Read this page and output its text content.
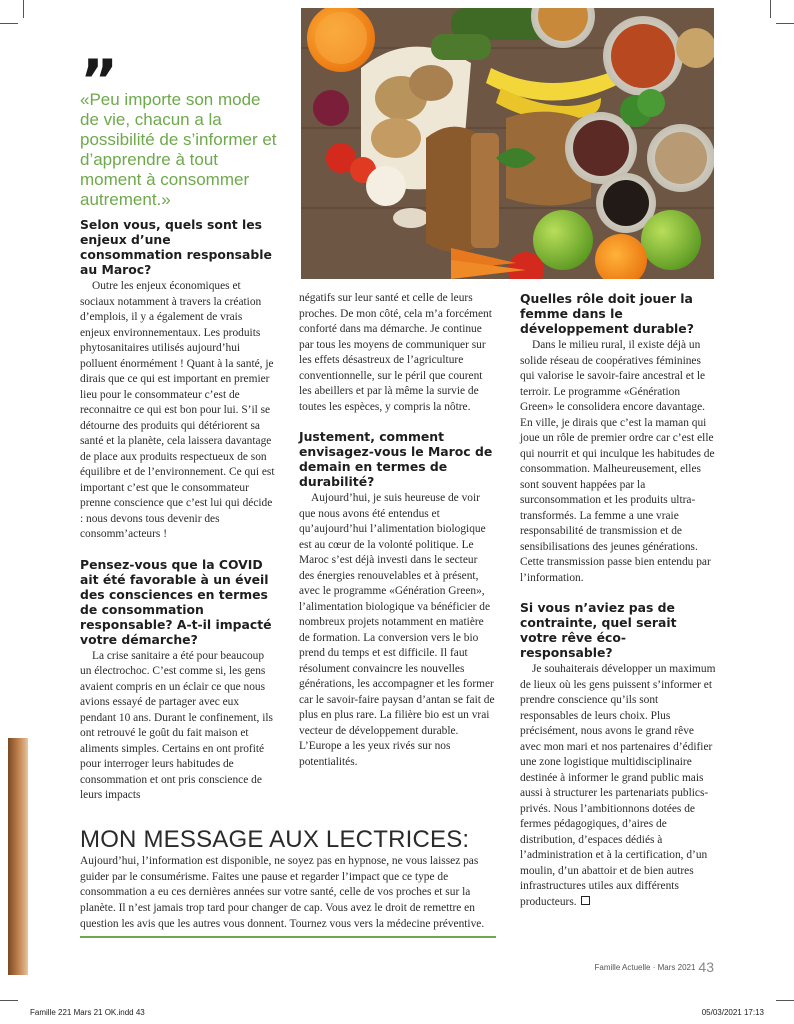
”

«Peu importe son mode de vie, chacun a la possibilité de s’informer et d’apprendre à tout moment à consommer autrement.»

Selon vous, quels sont les enjeux d’une consommation responsable au Maroc?

Outre les enjeux économiques et sociaux notamment à travers la création d’emplois, il y a également de vrais enjeux environnementaux. Les produits phytosanitaires utilisés aujourd’hui polluent énormément ! Quant à la santé, je dirais que ce qui est important en premier lieu pour le consommateur c’est de reconnaitre ce qui est bon pour lui. S’il se détourne des produits qui détériorent sa santé et la planète, cela laissera davantage de place aux produits respectueux de son équilibre et de l’environnement. Ce qui est important c’est que le consommateur prenne conscience que c’est lui qui décide : nous devons tous devenir des consomm’acteurs !

Pensez-vous que la COVID ait été favorable à un éveil des consciences en termes de consommation responsable? A-t-il impacté votre démarche?

La crise sanitaire a été pour beaucoup un électrochoc. C’est comme si, les gens avaient compris en un éclair ce que nous avions essayé de partager avec eux pendant 10 ans. Durant le confinement, ils ont retrouvé le goût du fait maison et aliments simples. Certains en ont profité pour interroger leurs habitudes de consommation et ont pris conscience de leurs impacts

négatifs sur leur santé et celle de leurs proches. De mon côté, cela m’a forcément conforté dans ma démarche. Je continue par tous les moyens de communiquer sur les effets désastreux de l’agriculture conventionnelle, sur le péril que courent les abeillers et par là même la survie de toutes les espèces, y compris la nôtre.

Justement, comment envisagez-vous le Maroc de demain en termes de durabilité?

Aujourd’hui, je suis heureuse de voir que nous avons été entendus et qu’aujourd’hui l’alimentation biologique est au cœur de la volonté politique. Le Maroc s’est déjà investi dans le secteur des énergies renouvelables et à présent, avec le programme «Génération Green», l’alimentation biologique va bénéficier de nombreux projets notamment en matière de formation. La conversion vers le bio prend du temps et est difficile. Il faut résolument convaincre les nouvelles générations, les accompagner et les former car le savoir-faire paysan d’antan se fait de plus en plus rare. La filière bio est un vrai vecteur de développement durable. L’Europe a les yeux rivés sur nos potentialités.

Quelles rôle doit jouer la femme dans le développement durable?

Dans le milieu rural, il existe déjà un solide réseau de coopératives féminines qui valorise le savoir-faire ancestral et le terroir. Le programme «Génération Green» le consolidera encore davantage. En ville, je dirais que c’est la maman qui joue un rôle de premier ordre car c’est elle qui nourrit et qui inculque les habitudes de consommation. Malheureusement, elles sont souvent happées par la surconsommation et les produits ultra-transformés. La femme a une vraie responsabilité de transmission et de sensibilisations des jeunes générations. Cette transmission passe bien entendu par l’information.

Si vous n’aviez pas de contrainte, quel serait votre rêve éco-responsable?

Je souhaiterais développer un maximum de lieux où les gens puissent s’informer et prendre conscience qu’ils sont responsables de leurs choix. Plus précisément, nous avons le grand rêve avec mon mari et nos partenaires d’édifier une zone logistique multidisciplinaire destinée à informer le grand public mais aussi à structurer les partenariats publics-privés. Nous l’ambitionnons dotées de fermes pédagogiques, d’aires de distribution, d’espaces dédiés à l’administration et à la certification, d’un moulin, d’un abattoir et de bien autres infrastructures utiles aux différents producteurs.

MON MESSAGE AUX LECTRICES:

Aujourd’hui, l’information est disponible, ne soyez pas en hypnose, ne vous laissez pas guider par le consumérisme. Faites une pause et regarder l’impact que ce type de consommation a eu ces dernières années sur votre santé, celle de vos proches et sur la planète. Il n’est jamais trop tard pour changer de cap. Vous avez le droit de remettre en question les avis que les autres vous donnent. Tournez vous vers la médecine préventive.

Famille Actuelle · Mars 2021 43
Famille 221 Mars 21 OK.indd 43	05/03/2021 17:13
